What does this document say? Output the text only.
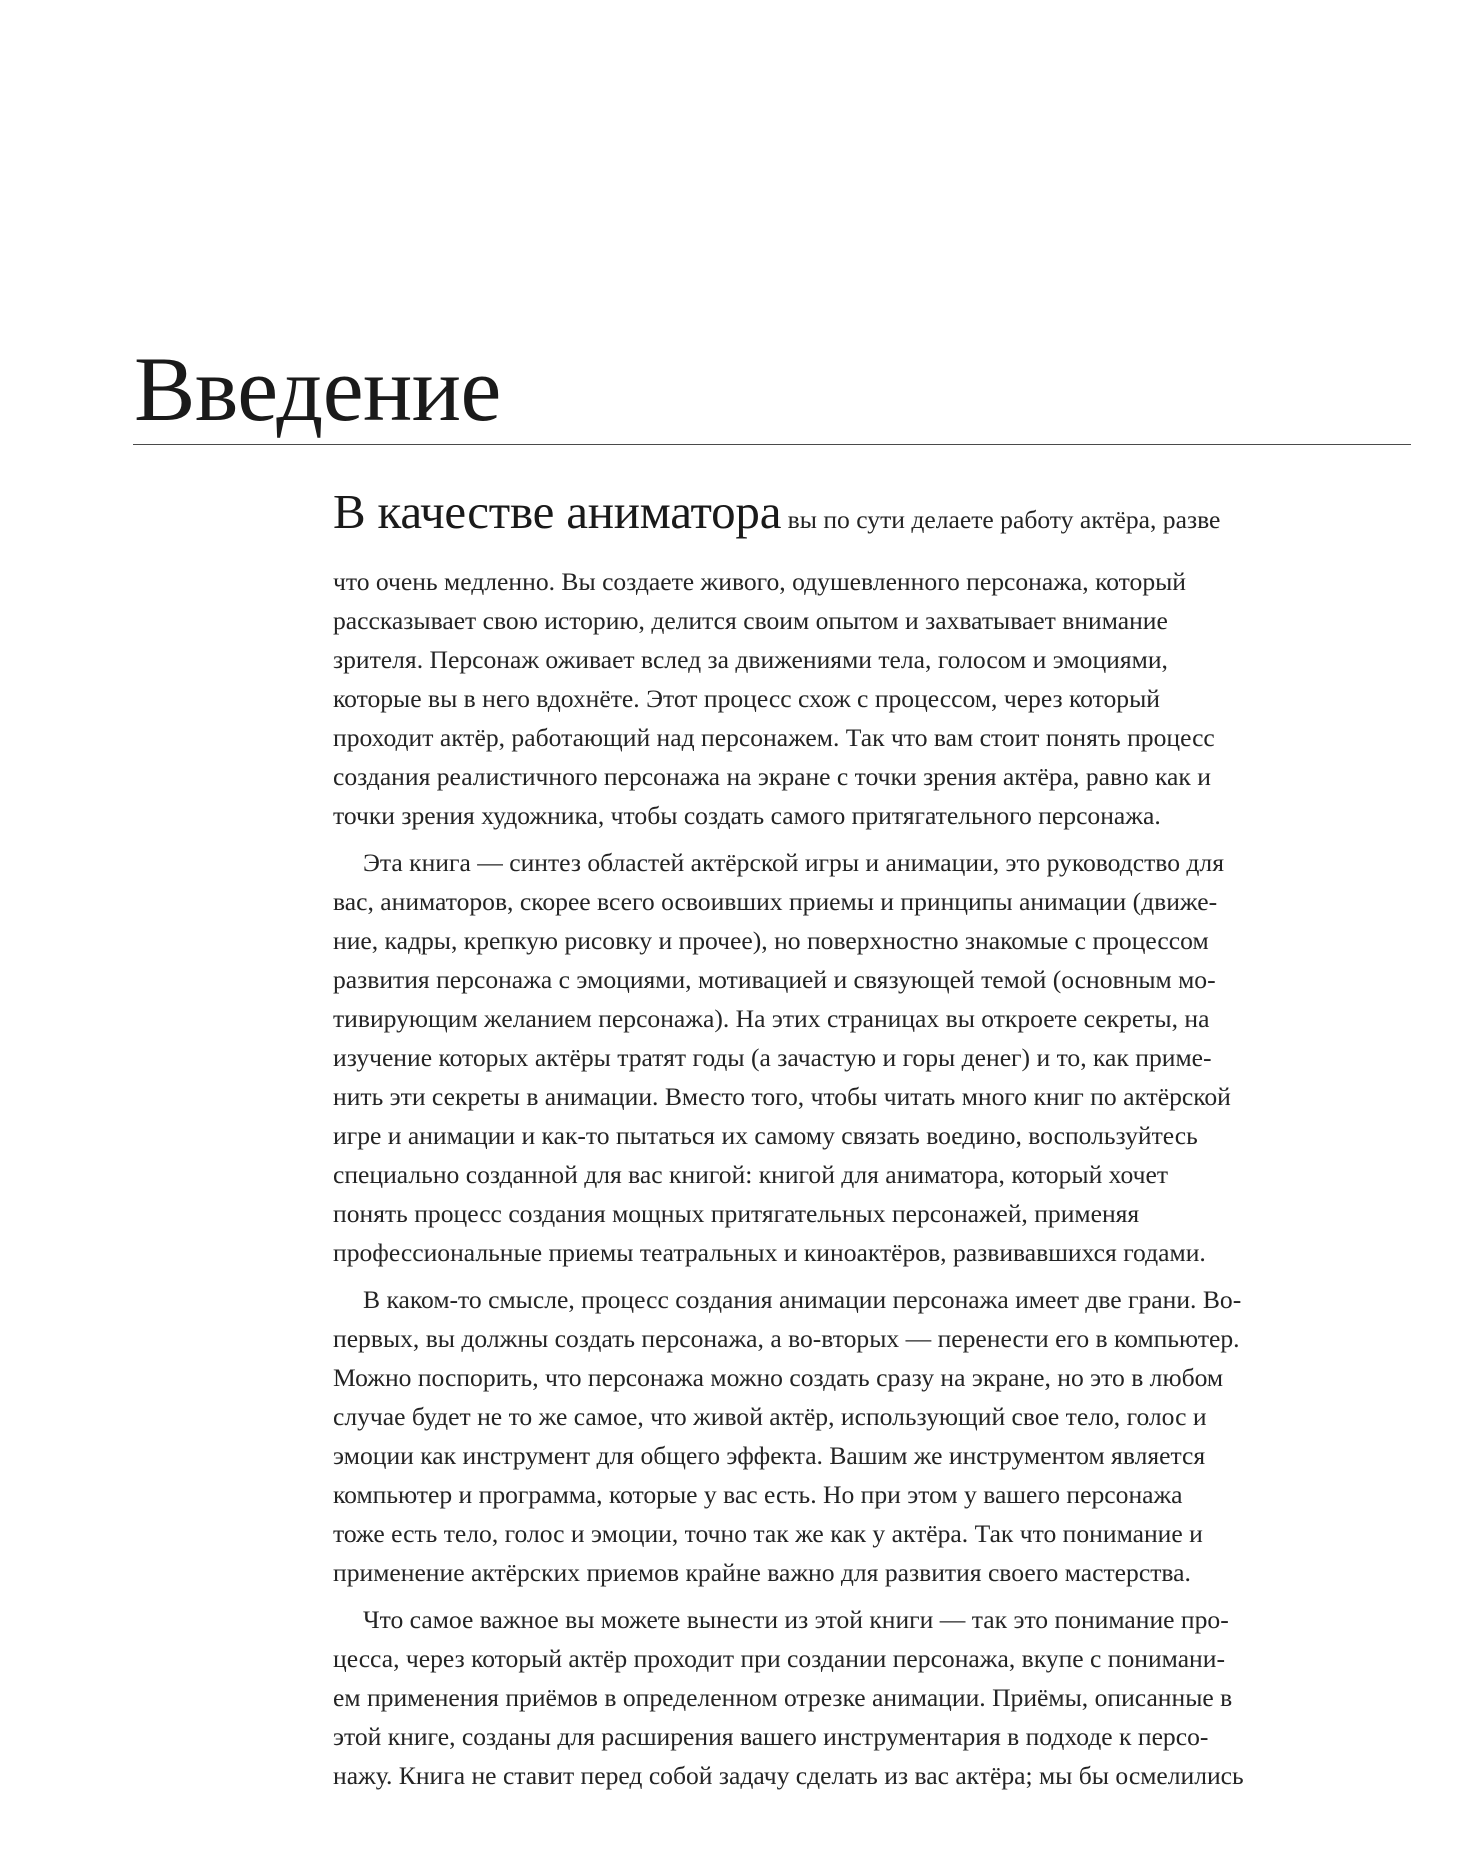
Введение
В качестве аниматора вы по сути делаете работу актёра, разве
что очень медленно. Вы создаете живого, одушевленного персонажа, который
рассказывает свою историю, делится своим опытом и захватывает внимание
зрителя. Персонаж оживает вслед за движениями тела, голосом и эмоциями,
которые вы в него вдохнёте. Этот процесс схож с процессом, через который
проходит актёр, работающий над персонажем. Так что вам стоит понять процесс
создания реалистичного персонажа на экране с точки зрения актёра, равно как и
точки зрения художника, чтобы создать самого притягательного персонажа.
Эта книга — синтез областей актёрской игры и анимации, это руководство для
вас, аниматоров, скорее всего освоивших приемы и принципы анимации (движе-
ние, кадры, крепкую рисовку и прочее), но поверхностно знакомые с процессом
развития персонажа с эмоциями, мотивацией и связующей темой (основным мо-
тивирующим желанием персонажа). На этих страницах вы откроете секреты, на
изучение которых актёры тратят годы (а зачастую и горы денег) и то, как приме-
нить эти секреты в анимации. Вместо того, чтобы читать много книг по актёрской
игре и анимации и как-то пытаться их самому связать воедино, воспользуйтесь
специально созданной для вас книгой: книгой для аниматора, который хочет
понять процесс создания мощных притягательных персонажей, применяя
профессиональные приемы театральных и киноактёров, развивавшихся годами.
В каком-то смысле, процесс создания анимации персонажа имеет две грани. Во-
первых, вы должны создать персонажа, а во-вторых — перенести его в компьютер.
Можно поспорить, что персонажа можно создать сразу на экране, но это в любом
случае будет не то же самое, что живой актёр, использующий свое тело, голос и
эмоции как инструмент для общего эффекта. Вашим же инструментом является
компьютер и программа, которые у вас есть. Но при этом у вашего персонажа
тоже есть тело, голос и эмоции, точно так же как у актёра. Так что понимание и
применение актёрских приемов крайне важно для развития своего мастерства.
Что самое важное вы можете вынести из этой книги — так это понимание про-
цесса, через который актёр проходит при создании персонажа, вкупе с понимани-
ем применения приёмов в определенном отрезке анимации. Приёмы, описанные в
этой книге, созданы для расширения вашего инструментария в подходе к персо-
нажу. Книга не ставит перед собой задачу сделать из вас актёра; мы бы осмелились
